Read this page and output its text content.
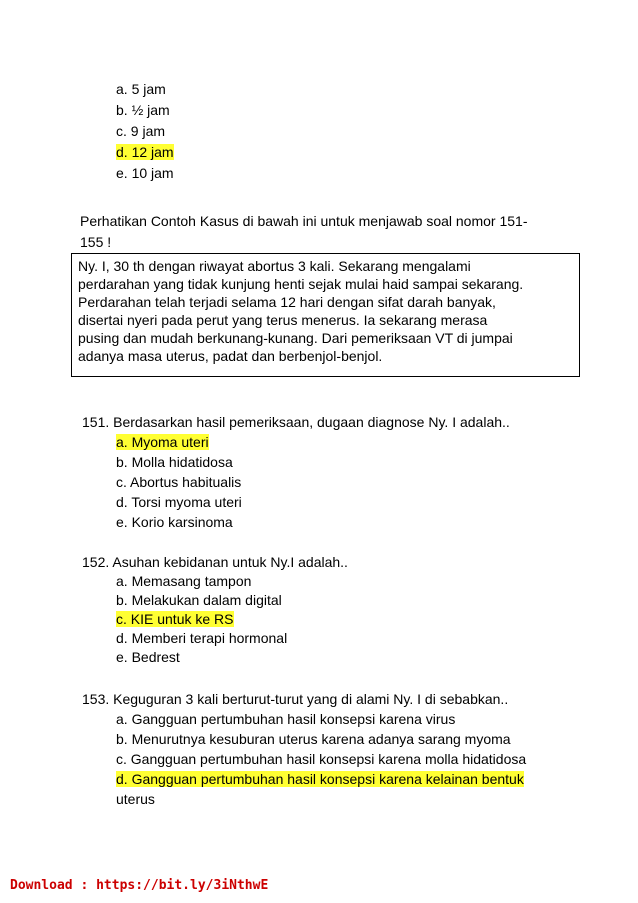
a. 5 jam
b. ½ jam
c. 9 jam
d. 12 jam
e. 10 jam
Perhatikan Contoh Kasus di bawah ini untuk menjawab soal nomor 151-
155 !
Ny. I, 30 th dengan riwayat abortus 3 kali. Sekarang mengalami
perdarahan yang tidak kunjung henti sejak mulai haid sampai sekarang.
Perdarahan telah terjadi selama 12 hari dengan sifat darah banyak,
disertai nyeri pada perut yang terus menerus. Ia sekarang merasa
pusing dan mudah berkunang-kunang. Dari pemeriksaan VT di jumpai
adanya masa uterus, padat dan berbenjol-benjol.
151. Berdasarkan hasil pemeriksaan, dugaan diagnose Ny. I adalah..
a. Myoma uteri
b. Molla hidatidosa
c. Abortus habitualis
d. Torsi myoma uteri
e. Korio karsinoma
152. Asuhan kebidanan untuk Ny.I adalah..
a. Memasang tampon
b. Melakukan dalam digital
c. KIE untuk ke RS
d. Memberi terapi hormonal
e. Bedrest
153. Keguguran 3 kali berturut-turut yang di alami Ny. I di sebabkan..
a. Gangguan pertumbuhan hasil konsepsi karena virus
b. Menurutnya kesuburan uterus karena adanya sarang myoma
c. Gangguan pertumbuhan hasil konsepsi karena molla hidatidosa
d. Gangguan pertumbuhan hasil konsepsi karena kelainan bentuk
uterus
Download : https://bit.ly/3iNthwE
